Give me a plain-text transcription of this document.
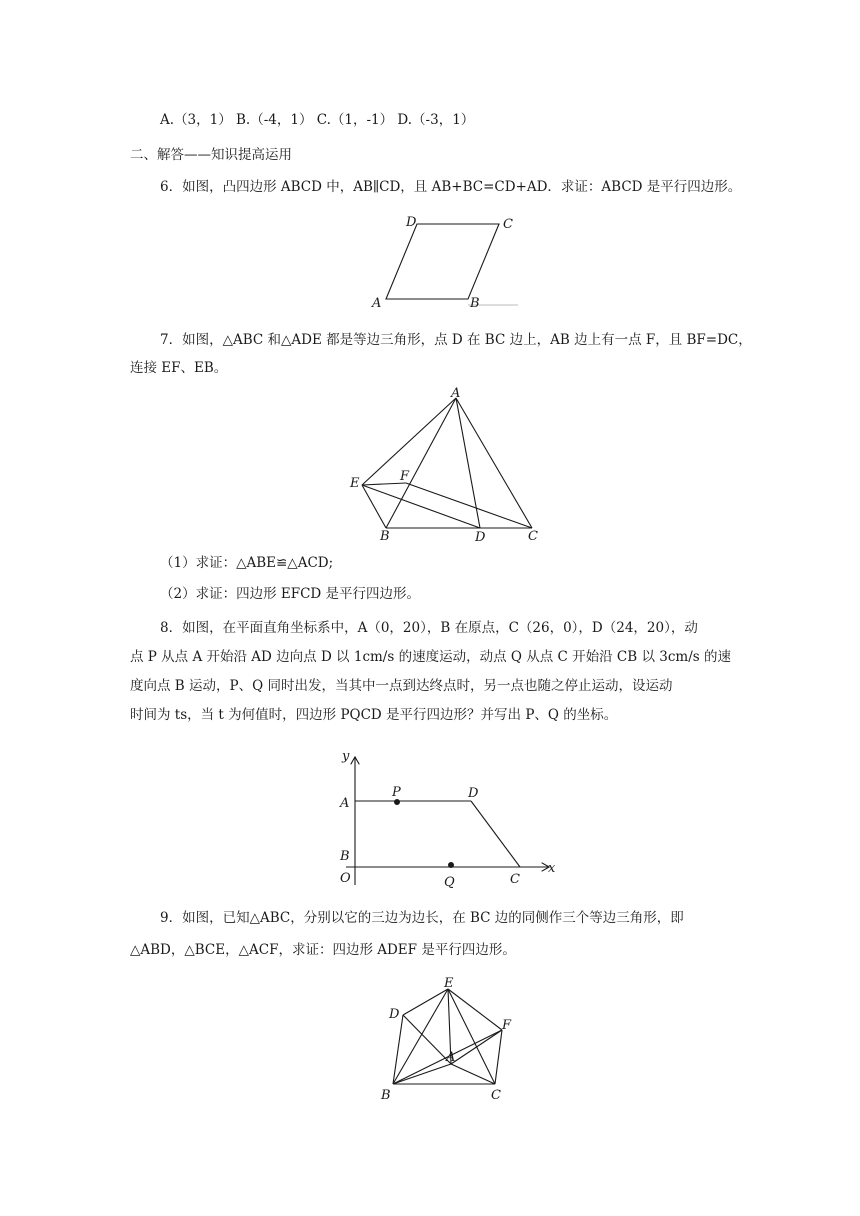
A.（3，1） B.（-4，1） C.（1，-1） D.（-3，1）
二、解答——知识提高运用
6．如图，凸四边形 ABCD 中，AB∥CD，且 AB+BC=CD+AD．求证：ABCD 是平行四边形。
A	B
C
D
7．如图，△ABC 和△ADE 都是等边三角形，点 D 在 BC 边上，AB 边上有一点 F，且 BF=DC，
连接 EF、EB。
A
B	C
D
E	F
（1）求证：△ABE≌△ACD;
（2）求证：四边形 EFCD 是平行四边形。
8．如图，在平面直角坐标系中，A（0，20），B 在原点，C（26，0），D（24，20），动
点 P 从点 A 开始沿 AD 边向点 D 以 1cm/s 的速度运动，动点 Q 从点 C 开始沿 CB 以 3cm/s 的速
度向点 B 运动，P、Q 同时出发，当其中一点到达终点时，另一点也随之停止运动，设运动
时间为 ts，当 t 为何值时，四边形 PQCD 是平行四边形？并写出 P、Q 的坐标。
y
x
A
B
O
P	D
Q	C
9．如图，已知△ABC，分别以它的三边为边长，在 BC 边的同侧作三个等边三角形，即
△ABD，△BCE，△ACF，求证：四边形 ADEF 是平行四边形。
A
B	C
D
E
F
